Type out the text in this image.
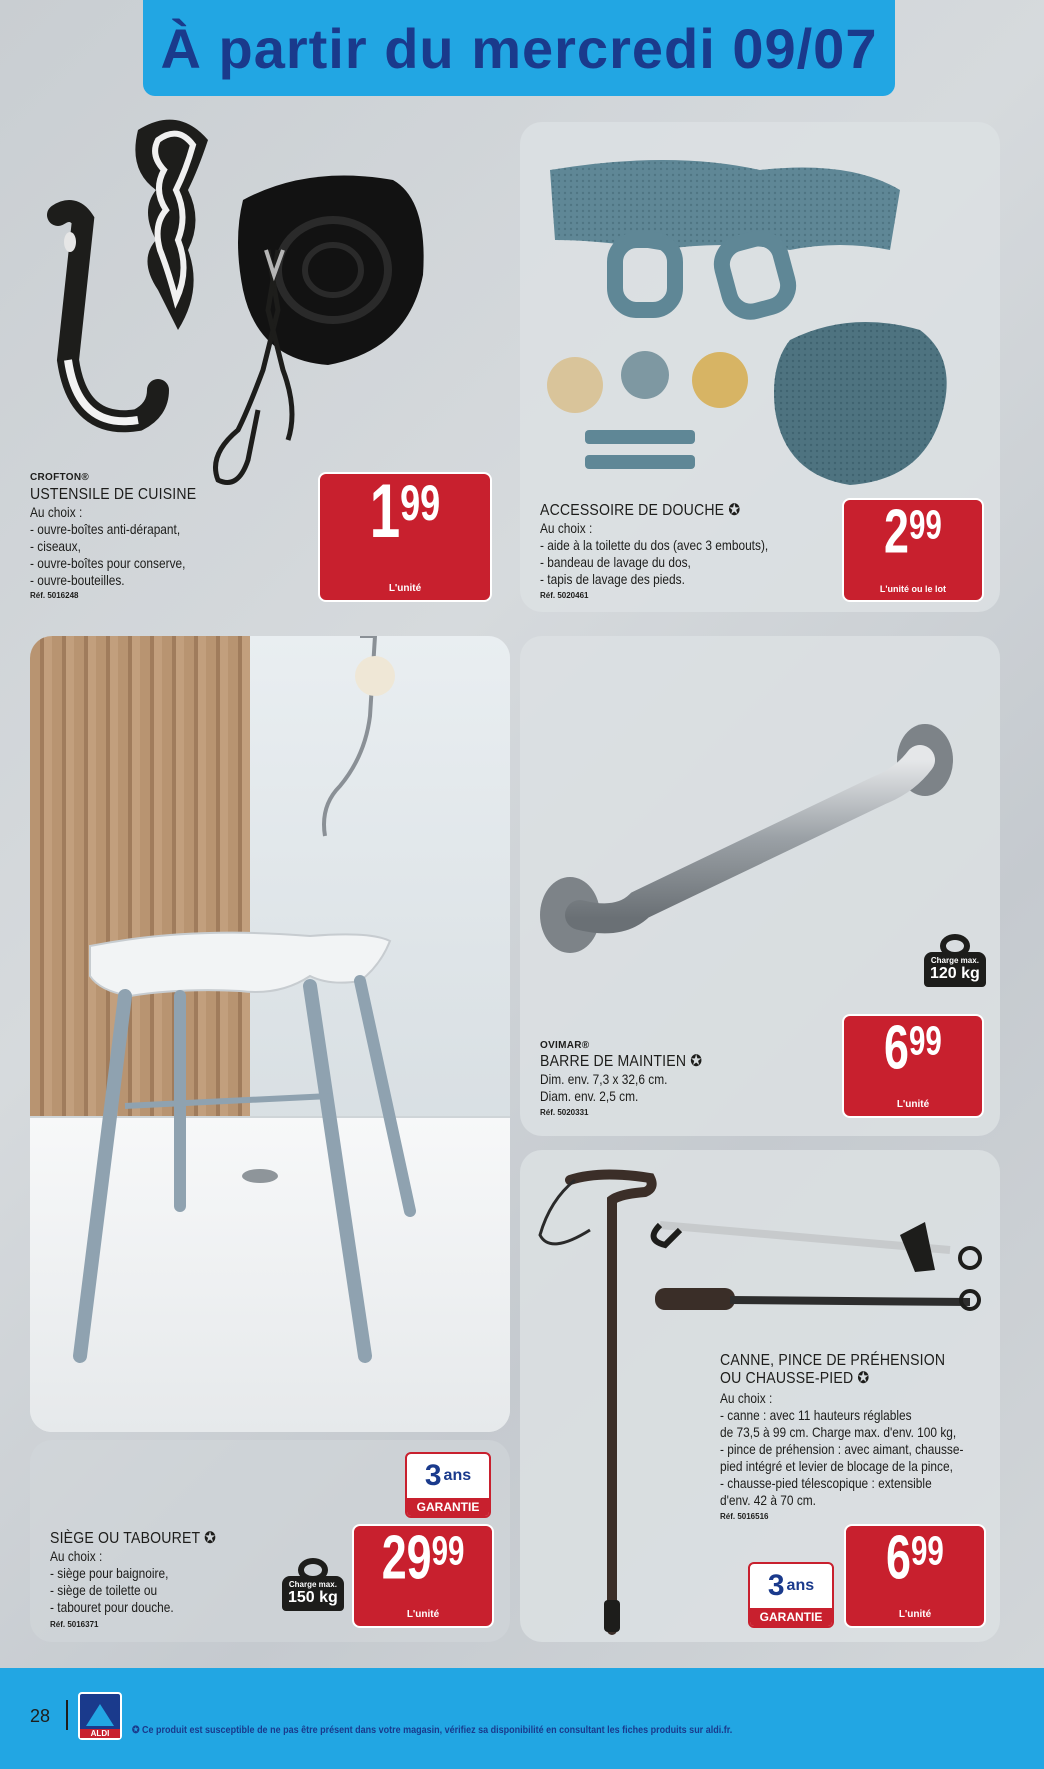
À partir du mercredi 09/07
CROFTON®
USTENSILE DE CUISINE
Au choix :
- ouvre-boîtes anti-dérapant,
- ciseaux,
- ouvre-boîtes pour conserve,
- ouvre-bouteilles.
Réf. 5016248
1 99
L'unité
ACCESSOIRE DE DOUCHE ✪
Au choix :
- aide à la toilette du dos (avec 3 embouts),
- bandeau de lavage du dos,
- tapis de lavage des pieds.
Réf. 5020461
2 99
L'unité ou le lot
Charge max.
120 kg
OVIMAR®
BARRE DE MAINTIEN ✪
Dim. env. 7,3 x 32,6 cm.
Diam. env. 2,5 cm.
Réf. 5020331
6 99
L'unité
SIÈGE OU TABOURET ✪
Au choix :
- siège pour baignoire,
- siège de toilette ou
- tabouret pour douche.
Réf. 5016371
Charge max.
150 kg
3 ans
GARANTIE
29 99
L'unité
CANNE, PINCE DE PRÉHENSION
OU CHAUSSE-PIED ✪
Au choix :
- canne : avec 11 hauteurs réglables
de 73,5 à 99 cm. Charge max. d'env. 100 kg,
- pince de préhension : avec aimant, chausse-
pied intégré et levier de blocage de la pince,
- chausse-pied télescopique : extensible
d'env. 42 à 70 cm.
Réf. 5016516
3 ans
GARANTIE
6 99
L'unité
28
ALDI	✪ Ce produit est susceptible de ne pas être présent dans votre magasin, vérifiez sa disponibilité en consultant les fiches produits sur aldi.fr.
